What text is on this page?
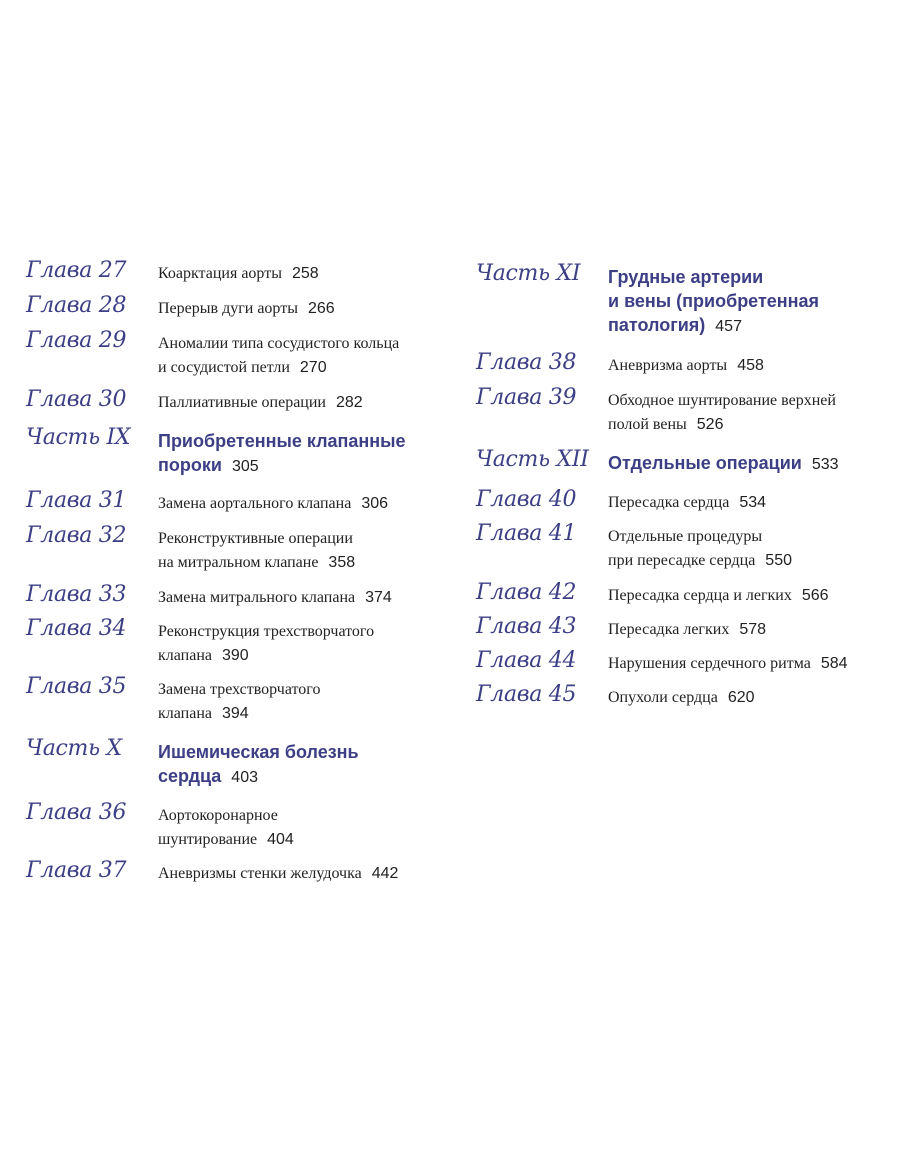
Глава 27 Коарктация аорты 258
Глава 28 Перерыв дуги аорты 266
Глава 29 Аномалии типа сосудистого кольца
и сосудистой петли 270
Глава 30 Паллиативные операции 282
Часть IX Приобретенные клапанные
пороки 305
Глава 31 Замена аортального клапана 306
Глава 32 Реконструктивные операции
на митральном клапане 358
Глава 33 Замена митрального клапана 374
Глава 34 Реконструкция трехстворчатого
клапана 390
Глава 35 Замена трехстворчатого
клапана 394
Часть X Ишемическая болезнь
сердца 403
Глава 36 Аортокоронарное
шунтирование 404
Глава 37 Аневризмы стенки желудочка 442
Часть XI Грудные артерии
и вены (приобретенная
патология) 457
Глава 38 Аневризма аорты 458
Глава 39 Обходное шунтирование верхней
полой вены 526
Часть XII Отдельные операции 533
Глава 40 Пересадка сердца 534
Глава 41 Отдельные процедуры
при пересадке сердца 550
Глава 42 Пересадка сердца и легких 566
Глава 43 Пересадка легких 578
Глава 44 Нарушения сердечного ритма 584
Глава 45 Опухоли сердца 620
